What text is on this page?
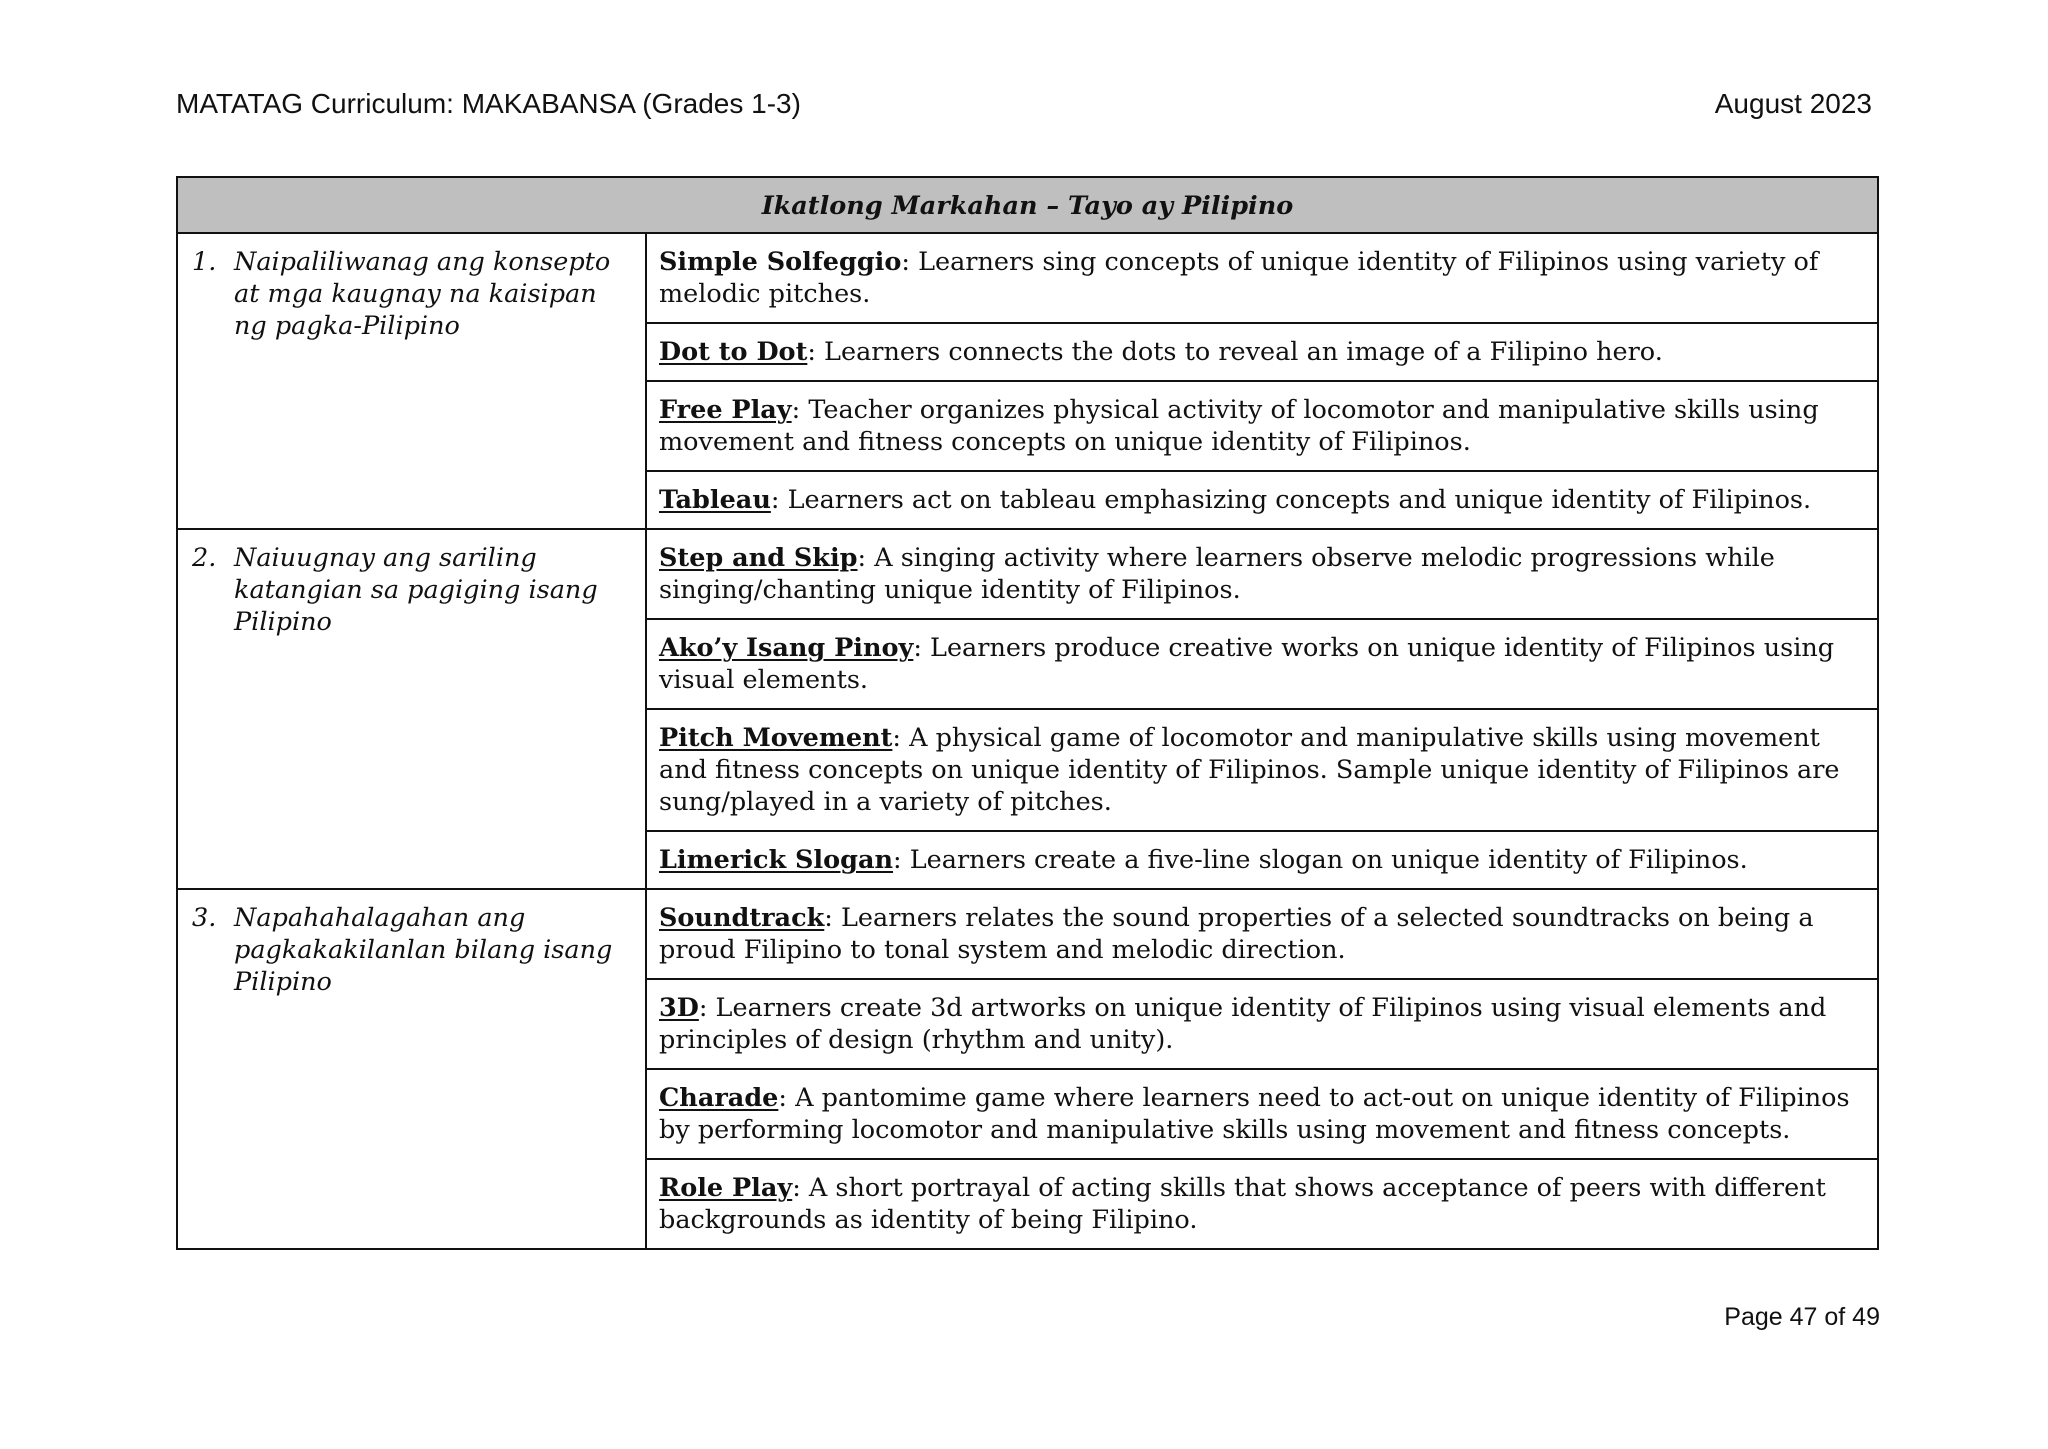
MATATAG Curriculum: MAKABANSA (Grades 1-3)	August 2023
Ikatlong Markahan – Tayo ay Pilipino	

1. Naipaliliwanag ang konsepto at mga kaugnay na kaisipan ng pagka-Pilipino	Simple Solfeggio: Learners sing concepts of unique identity of Filipinos using variety of melodic pitches.
	Dot to Dot: Learners connects the dots to reveal an image of a Filipino hero.
	Free Play: Teacher organizes physical activity of locomotor and manipulative skills using movement and fitness concepts on unique identity of Filipinos.
	Tableau: Learners act on tableau emphasizing concepts and unique identity of Filipinos.

2. Naiuugnay ang sariling katangian sa pagiging isang Pilipino	Step and Skip: A singing activity where learners observe melodic progressions while singing/chanting unique identity of Filipinos.
	Ako’y Isang Pinoy: Learners produce creative works on unique identity of Filipinos using visual elements.
	Pitch Movement: A physical game of locomotor and manipulative skills using movement and fitness concepts on unique identity of Filipinos. Sample unique identity of Filipinos are sung/played in a variety of pitches.
	Limerick Slogan: Learners create a five-line slogan on unique identity of Filipinos.

3. Napahahalagahan ang pagkakakilanlan bilang isang Pilipino	Soundtrack: Learners relates the sound properties of a selected soundtracks on being a proud Filipino to tonal system and melodic direction.
	3D: Learners create 3d artworks on unique identity of Filipinos using visual elements and principles of design (rhythm and unity).
	Charade: A pantomime game where learners need to act-out on unique identity of Filipinos by performing locomotor and manipulative skills using movement and fitness concepts.
	Role Play: A short portrayal of acting skills that shows acceptance of peers with different backgrounds as identity of being Filipino.
Page 47 of 49
